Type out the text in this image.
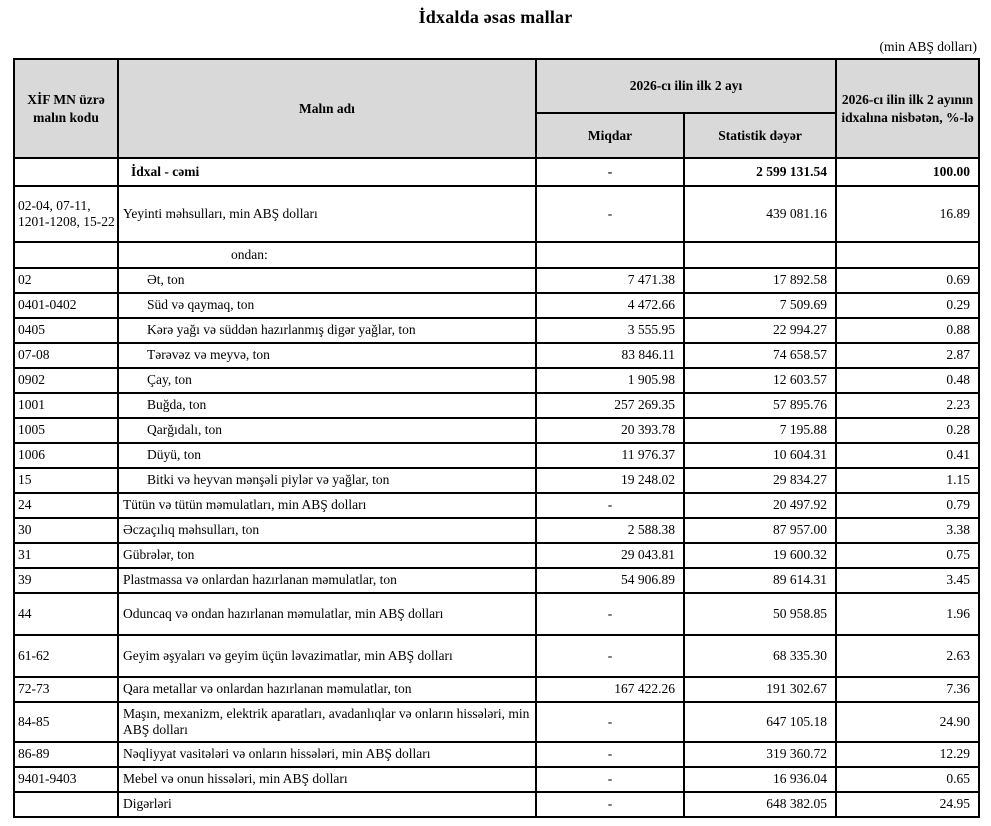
İdxalda əsas mallar
(min ABŞ dolları)
XİF MN üzrə malın kodu	Malın adı	2026-cı ilin ilk 2 ayı		2026-cı ilin ilk 2 ayının idxalına nisbətən, %-lə
		Miqdar	Statistik dəyər	
	İdxal - cəmi	-	2 599 131.54	100.00
02-04, 07-11, 1201-1208, 15-22	Yeyinti məhsulları, min ABŞ dolları	-	439 081.16	16.89
	ondan:			
02	Ət, ton	7 471.38	17 892.58	0.69
0401-0402	Süd və qaymaq, ton	4 472.66	7 509.69	0.29
0405	Kərə yağı və süddən hazırlanmış digər yağlar, ton	3 555.95	22 994.27	0.88
07-08	Tərəvəz və meyvə, ton	83 846.11	74 658.57	2.87
0902	Çay, ton	1 905.98	12 603.57	0.48
1001	Buğda, ton	257 269.35	57 895.76	2.23
1005	Qarğıdalı, ton	20 393.78	7 195.88	0.28
1006	Düyü, ton	11 976.37	10 604.31	0.41
15	Bitki və heyvan mənşəli piylər və yağlar, ton	19 248.02	29 834.27	1.15
24	Tütün və tütün məmulatları, min ABŞ dolları	-	20 497.92	0.79
30	Əczaçılıq məhsulları, ton	2 588.38	87 957.00	3.38
31	Gübrələr, ton	29 043.81	19 600.32	0.75
39	Plastmassa və onlardan hazırlanan məmulatlar, ton	54 906.89	89 614.31	3.45
44	Oduncaq və ondan hazırlanan məmulatlar, min ABŞ dolları	-	50 958.85	1.96
61-62	Geyim əşyaları və geyim üçün ləvazimatlar, min ABŞ dolları	-	68 335.30	2.63
72-73	Qara metallar və onlardan hazırlanan məmulatlar, ton	167 422.26	191 302.67	7.36
84-85	Maşın, mexanizm, elektrik aparatları, avadanlıqlar və onların hissələri, min ABŞ dolları	-	647 105.18	24.90
86-89	Nəqliyyat vasitələri və onların hissələri, min ABŞ dolları	-	319 360.72	12.29
9401-9403	Mebel və onun hissələri, min ABŞ dolları	-	16 936.04	0.65
	Digərləri	-	648 382.05	24.95
